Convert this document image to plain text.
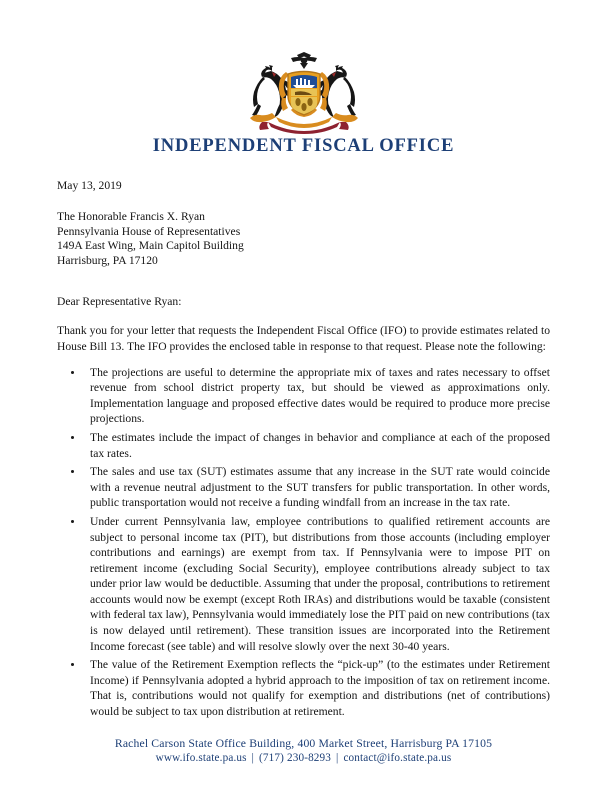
INDEPENDENT FISCAL OFFICE
May 13, 2019
The Honorable Francis X. Ryan
Pennsylvania House of Representatives
149A East Wing, Main Capitol Building
Harrisburg, PA 17120
Dear Representative Ryan:
Thank you for your letter that requests the Independent Fiscal Office (IFO) to provide estimates related to House Bill 13. The IFO provides the enclosed table in response to that request. Please note the following:
The projections are useful to determine the appropriate mix of taxes and rates necessary to offset revenue from school district property tax, but should be viewed as approximations only. Implementation language and proposed effective dates would be required to produce more precise projections.
The estimates include the impact of changes in behavior and compliance at each of the proposed tax rates.
The sales and use tax (SUT) estimates assume that any increase in the SUT rate would coincide with a revenue neutral adjustment to the SUT transfers for public transportation. In other words, public transportation would not receive a funding windfall from an increase in the tax rate.
Under current Pennsylvania law, employee contributions to qualified retirement accounts are subject to personal income tax (PIT), but distributions from those accounts (including employer contributions and earnings) are exempt from tax. If Pennsylvania were to impose PIT on retirement income (excluding Social Security), employee contributions already subject to tax under prior law would be deductible. Assuming that under the proposal, contributions to retirement accounts would now be exempt (except Roth IRAs) and distributions would be taxable (consistent with federal tax law), Pennsylvania would immediately lose the PIT paid on new contributions (tax is now delayed until retirement). These transition issues are incorporated into the Retirement Income forecast (see table) and will resolve slowly over the next 30-40 years.
The value of the Retirement Exemption reflects the “pick-up” (to the estimates under Retirement Income) if Pennsylvania adopted a hybrid approach to the imposition of tax on retirement income. That is, contributions would not qualify for exemption and distributions (net of contributions) would be subject to tax upon distribution at retirement.
Rachel Carson State Office Building, 400 Market Street, Harrisburg PA 17105
www.ifo.state.pa.us | (717) 230-8293 | contact@ifo.state.pa.us
